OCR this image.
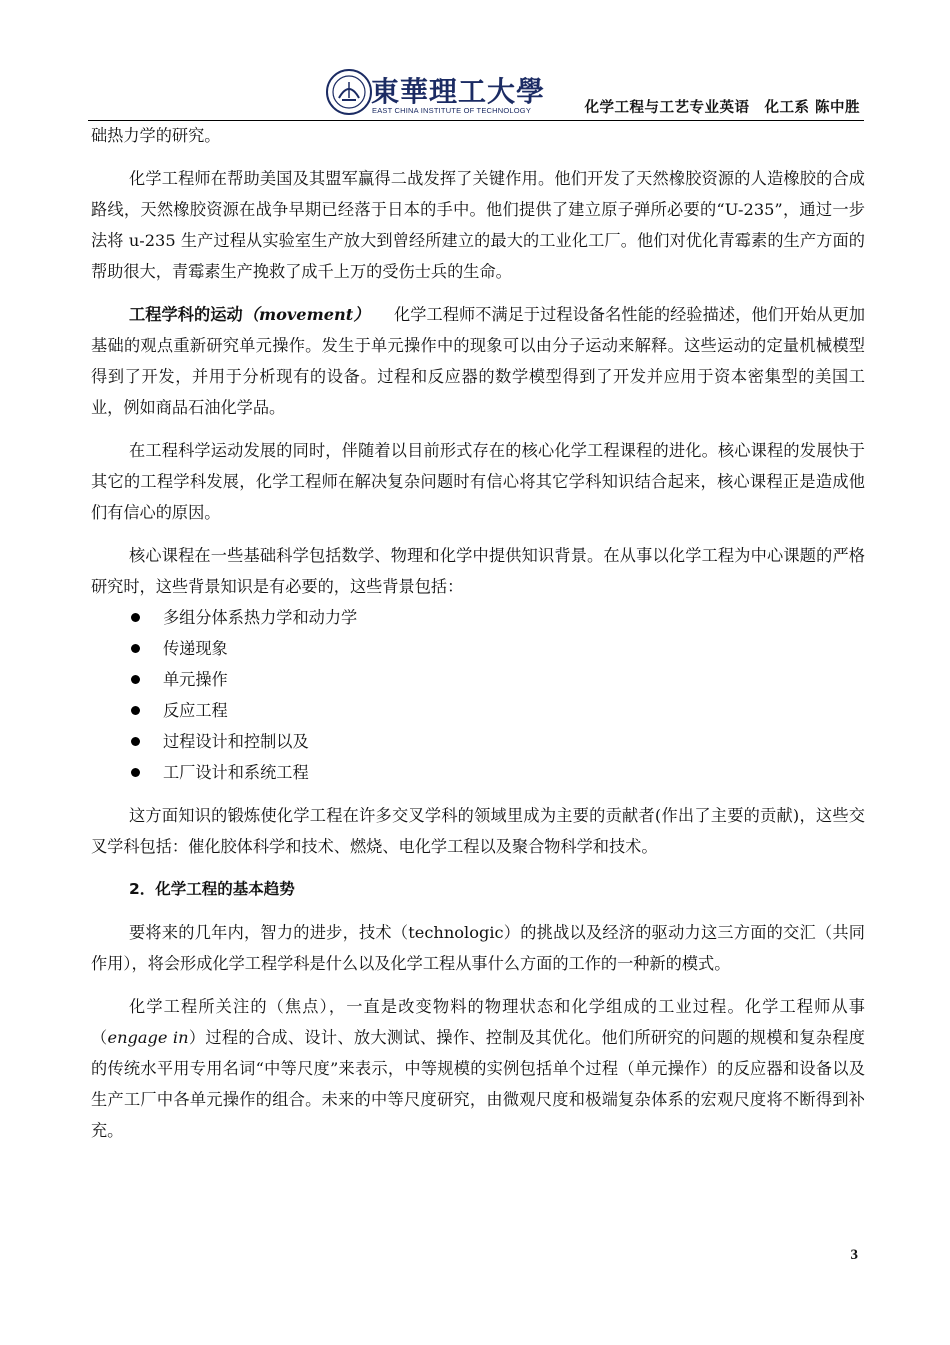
東華理工大學
EAST CHINA INSTITUTE OF TECHNOLOGY	化学工程与工艺专业英语　化工系 陈中胜

础热力学的研究。

化学工程师在帮助美国及其盟军赢得二战发挥了关键作用。他们开发了天然橡胶资源的人造橡胶的合成路线，天然橡胶资源在战争早期已经落于日本的手中。他们提供了建立原子弹所必要的“U-235”，通过一步法将 u-235 生产过程从实验室生产放大到曾经所建立的最大的工业化工厂。他们对优化青霉素的生产方面的帮助很大，青霉素生产挽救了成千上万的受伤士兵的生命。

工程学科的运动（movement）　　化学工程师不满足于过程设备名性能的经验描述，他们开始从更加基础的观点重新研究单元操作。发生于单元操作中的现象可以由分子运动来解释。这些运动的定量机械模型得到了开发，并用于分析现有的设备。过程和反应器的数学模型得到了开发并应用于资本密集型的美国工业，例如商品石油化学品。

在工程科学运动发展的同时，伴随着以目前形式存在的核心化学工程课程的进化。核心课程的发展快于其它的工程学科发展，化学工程师在解决复杂问题时有信心将其它学科知识结合起来，核心课程正是造成他们有信心的原因。

核心课程在一些基础科学包括数学、物理和化学中提供知识背景。在从事以化学工程为中心课题的严格研究时，这些背景知识是有必要的，这些背景包括：

多组分体系热力学和动力学
传递现象
单元操作
反应工程
过程设计和控制以及
工厂设计和系统工程

这方面知识的锻炼使化学工程在许多交叉学科的领域里成为主要的贡献者(作出了主要的贡献)，这些交叉学科包括：催化胶体科学和技术、燃烧、电化学工程以及聚合物科学和技术。

2．化学工程的基本趋势

要将来的几年内，智力的进步，技术（technologic）的挑战以及经济的驱动力这三方面的交汇（共同作用），将会形成化学工程学科是什么以及化学工程从事什么方面的工作的一种新的模式。

化学工程所关注的（焦点），一直是改变物料的物理状态和化学组成的工业过程。化学工程师从事（engage in）过程的合成、设计、放大测试、操作、控制及其优化。他们所研究的问题的规模和复杂程度的传统水平用专用名词“中等尺度”来表示，中等规模的实例包括单个过程（单元操作）的反应器和设备以及生产工厂中各单元操作的组合。未来的中等尺度研究，由微观尺度和极端复杂体系的宏观尺度将不断得到补充。

3
